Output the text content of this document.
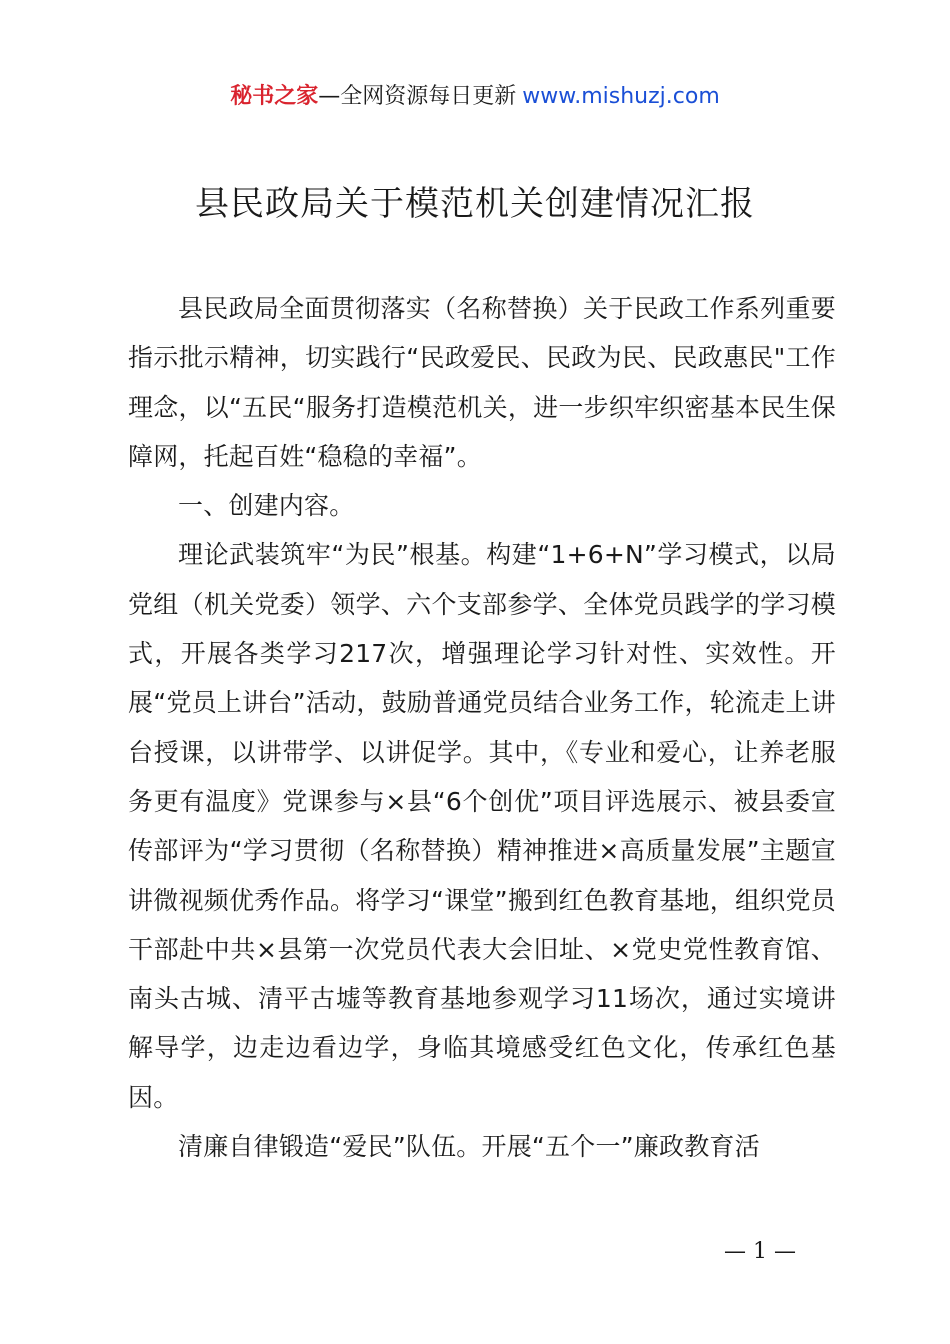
秘书之家—全网资源每日更新 www.mishuzj.com
县民政局关于模范机关创建情况汇报

县民政局全面贯彻落实（名称替换）关于民政工作系列重要指示批示精神，切实践行“民政爱民、民政为民、民政惠民"工作理念，以“五民“服务打造模范机关，进一步织牢织密基本民生保障网，托起百姓“稳稳的幸福”。

一、创建内容。

理论武装筑牢“为民”根基。构建“1+6+N”学习模式，以局党组（机关党委）领学、六个支部参学、全体党员践学的学习模式，开展各类学习217次，增强理论学习针对性、实效性。开展“党员上讲台”活动，鼓励普通党员结合业务工作，轮流走上讲台授课，以讲带学、以讲促学。其中，《专业和爱心，让养老服务更有温度》党课参与×县“6个创优”项目评选展示、被县委宣传部评为“学习贯彻（名称替换）精神推进×高质量发展”主题宣讲微视频优秀作品。将学习“课堂”搬到红色教育基地，组织党员干部赴中共×县第一次党员代表大会旧址、×党史党性教育馆、南头古城、清平古墟等教育基地参观学习11场次，通过实境讲解导学，边走边看边学，身临其境感受红色文化，传承红色基因。

清廉自律锻造“爱民”队伍。开展“五个一”廉政教育活

— 1 —
